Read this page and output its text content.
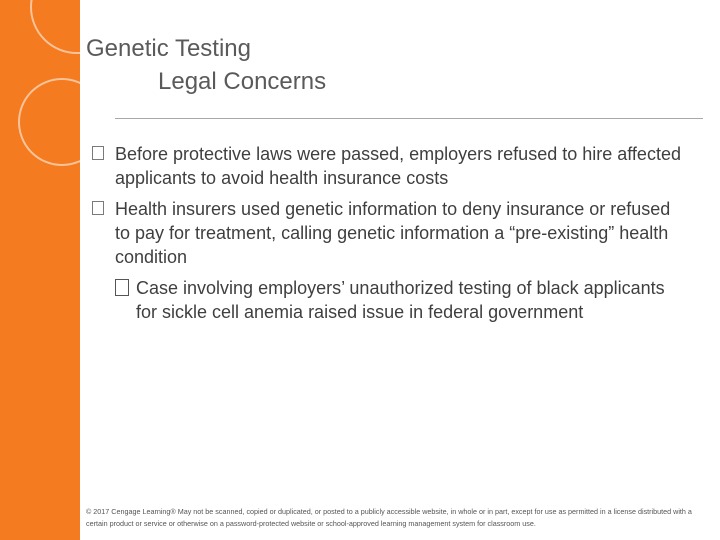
Genetic Testing
Legal Concerns
Before protective laws were passed, employers refused to hire affected applicants to avoid health insurance costs
Health insurers used genetic information to deny insurance or refused to pay for treatment, calling genetic information a “pre-existing” health condition
Case involving employers’ unauthorized testing of black applicants for sickle cell anemia raised issue in federal government
© 2017 Cengage Learning® May not be scanned, copied or duplicated, or posted to a publicly accessible website, in whole or in part, except for use as permitted in a license distributed with a certain product or service or otherwise on a password-protected website or school-approved learning management system for classroom use.
